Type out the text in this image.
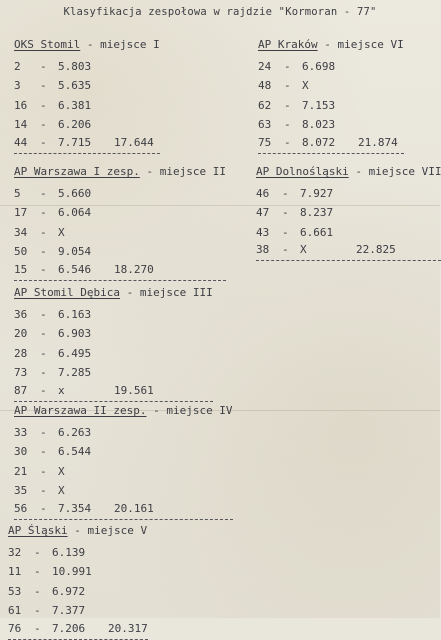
Klasyfikacja zespołowa w rajdzie "Kormoran - 77"
OKS Stomil - miejsce I
2 - 5.803
3 - 5.635
16 - 6.381
14 - 6.206
44 - 7.715 17.644
AP Kraków - miejsce VI
24 - 6.698
48 - X
62 - 7.153
63 - 8.023
75 - 8.072 21.874
AP Warszawa I zesp. - miejsce II
5 - 5.660
17 - 6.064
34 - X
50 - 9.054
15 - 6.546 18.270
AP Dolnośląski - miejsce VII
46 - 7.927
47 - 8.237
43 - 6.661
38 - X	22.825
AP Stomil Dębica - miejsce III
36 - 6.163
20 - 6.903
28 - 6.495
73 - 7.285
87 - x	19.561
AP Warszawa II zesp. - miejsce IV
33 - 6.263
30 - 6.544
21 - X
35 - X
56 - 7.354 20.161
AP Śląski - miejsce V
32 - 6.139
11 - 10.991
53 - 6.972
61 - 7.377
76 - 7.206 20.317
